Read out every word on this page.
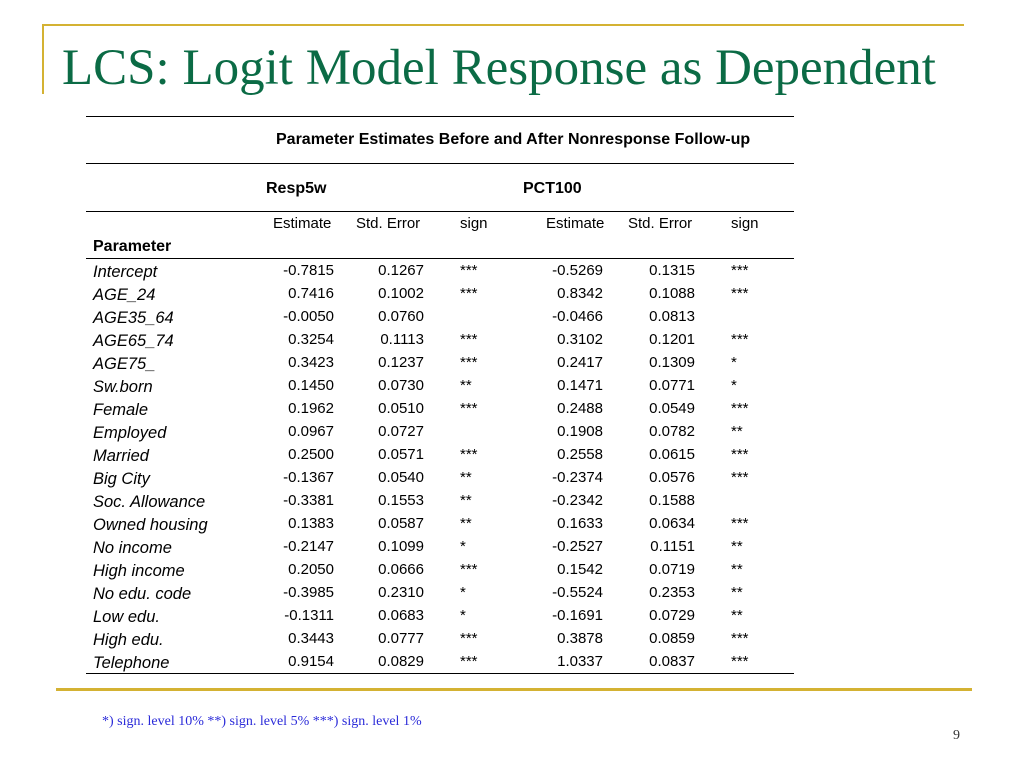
LCS: Logit Model Response as Dependent
Parameter Estimates Before and After Nonresponse Follow-up
Resp5w	PCT100
Estimate Std. Error	sign	Estimate Std. Error	sign
Parameter
Intercept	-0.7815	0.1267 ***	-0.5269	0.1315 ***
AGE_24	0.7416	0.1002 ***	0.8342	0.1088 ***
AGE35_64	-0.0050	0.0760	-0.0466	0.0813
AGE65_74	0.3254	0.1113 ***	0.3102	0.1201 ***
AGE75_	0.3423	0.1237 ***	0.2417	0.1309 *
Sw.born	0.1450	0.0730 **	0.1471	0.0771 *
Female	0.1962	0.0510 ***	0.2488	0.0549 ***
Employed	0.0967	0.0727	0.1908	0.0782 **
Married	0.2500	0.0571 ***	0.2558	0.0615 ***
Big City	-0.1367	0.0540 **	-0.2374	0.0576 ***
Soc. Allowance	-0.3381	0.1553 **	-0.2342	0.1588
Owned housing	0.1383	0.0587 **	0.1633	0.0634 ***
No income	-0.2147	0.1099 *	-0.2527	0.1151 **
High income	0.2050	0.0666 ***	0.1542	0.0719 **
No edu. code	-0.3985	0.2310 *	-0.5524	0.2353 **
Low edu.	-0.1311	0.0683 *	-0.1691	0.0729 **
High edu.	0.3443	0.0777 ***	0.3878	0.0859 ***
Telephone	0.9154	0.0829 ***	1.0337	0.0837 ***
*) sign. level 10% **) sign. level 5% ***) sign. level 1%
9
